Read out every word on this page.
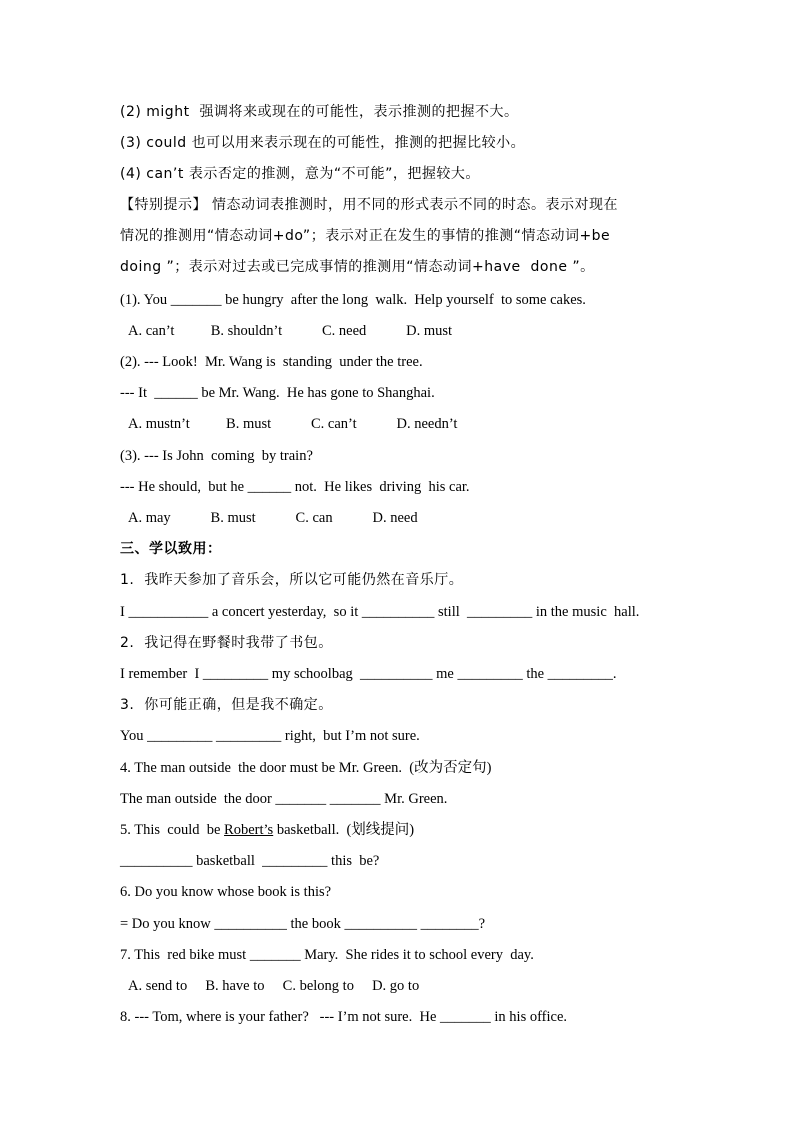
(2) might  强调将来或现在的可能性，表示推测的把握不大。
(3) could 也可以用来表示现在的可能性，推测的把握比较小。
(4) can’t 表示否定的推测，意为“不可能”，把握较大。
【特别提示】 情态动词表推测时，用不同的形式表示不同的时态。表示对现在
情况的推测用“情态动词+do”；表示对正在发生的事情的推测“情态动词+be
doing ”；表示对过去或已完成事情的推测用“情态动词+have  done ”。
(1). You _______ be hungry  after the long  walk.  Help yourself  to some cakes.
A. can’t          B. shouldn’t           C. need           D. must
(2). --- Look!  Mr. Wang is  standing  under the tree.
--- It  ______ be Mr. Wang.  He has gone to Shanghai.
A. mustn’t          B. must           C. can’t           D. needn’t
(3). --- Is John  coming  by train?
--- He should,  but he ______ not.  He likes  driving  his car.
A. may           B. must           C. can           D. need
三、学以致用：
1.  我昨天参加了音乐会，所以它可能仍然在音乐厅。
I ___________ a concert yesterday,  so it __________ still  _________ in the music  hall.
2.  我记得在野餐时我带了书包。
I remember  I _________ my schoolbag  __________ me _________ the _________.
3.  你可能正确，但是我不确定。
You _________ _________ right,  but I’m not sure.
4. The man outside  the door must be Mr. Green.  (改为否定句)
The man outside  the door _______ _______ Mr. Green.
5. This  could  be Robert’s basketball.  (划线提问)
__________ basketball  _________ this  be?
6. Do you know whose book is this?
= Do you know __________ the book __________ ________?
7. This  red bike must _______ Mary.  She rides it to school every  day.
A. send to     B. have to     C. belong to     D. go to
8. --- Tom, where is your father?   --- I’m not sure.  He _______ in his office.
